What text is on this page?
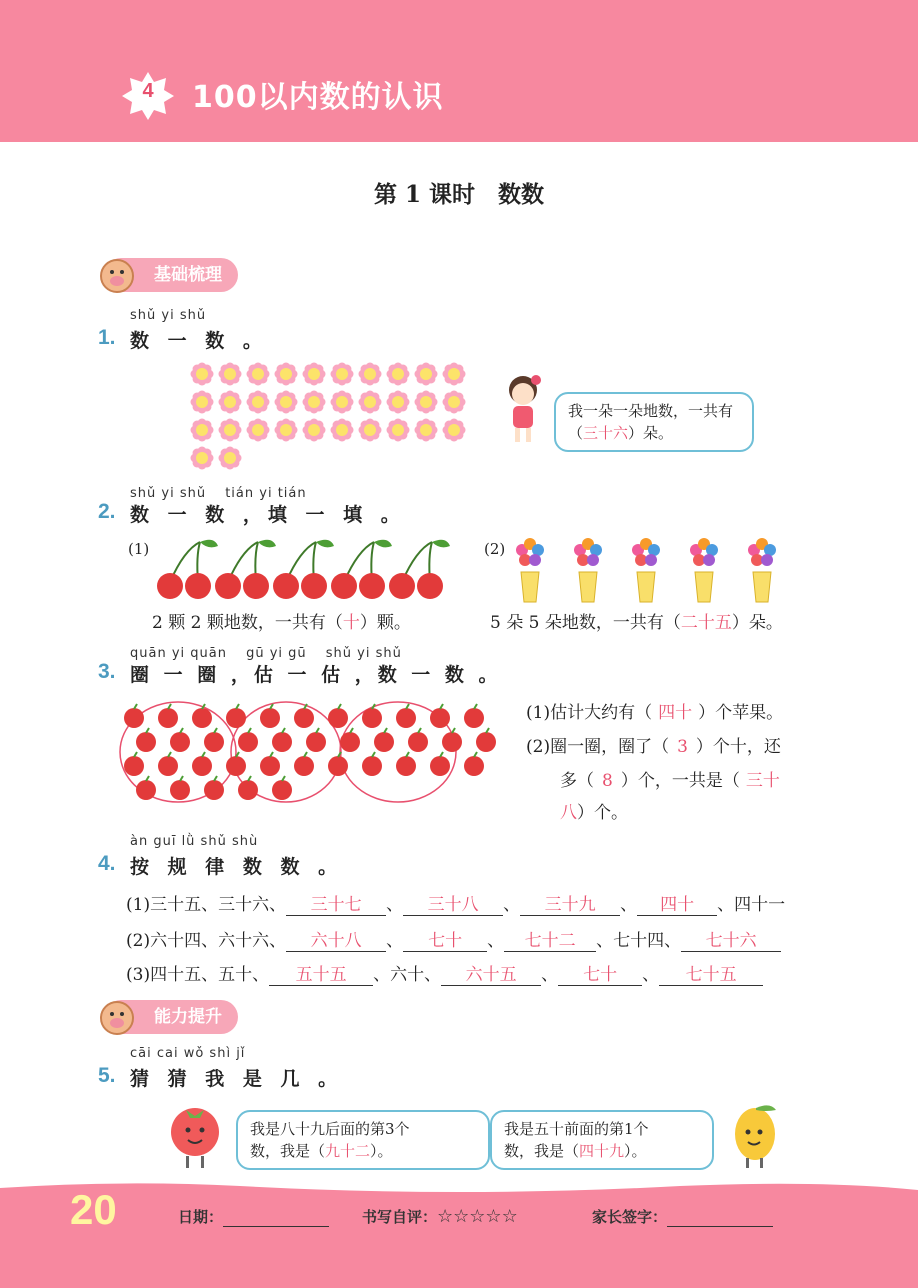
4	100以内数的认识
第 1 课时　数数
基础梳理
shǔ yi shǔ
1. 数 一 数 。
我一朵一朵地数，一共有（三十六）朵。
shǔ yi shǔ　 tián yi tián
2. 数 一 数 ，填 一 填 。
(1)
2 颗 2 颗地数，一共有（十）颗。
(2)
5 朵 5 朵地数，一共有（二十五）朵。
quān yi quān　 gū yi gū　 shǔ yi shǔ
3. 圈 一 圈 ，估 一 估 ，数 一 数 。
(1)估计大约有（ 四十 ）个苹果。
(2)圈一圈，圈了（ 3 ）个十，还
多（ 8 ）个，一共是（ 三十
八）个。
àn guī lǜ shǔ shù
4. 按 规 律 数 数 。
(1)三十五、三十六、 三十七 、 三十八 、 三十九 、 四十 、四十一
(2)六十四、六十六、 六十八 、 七十 、 七十二 、七十四、 七十六
(3)四十五、五十、 五十五 、六十、 六十五 、 七十 、 七十五
能力提升
cāi cai wǒ shì jǐ
5. 猜 猜 我 是 几 。
我是八十九后面的第3个
数，我是（九十二）。
我是五十前面的第1个
数，我是（四十九）。
20	日期：	书写自评：☆☆☆☆☆	家长签字：
